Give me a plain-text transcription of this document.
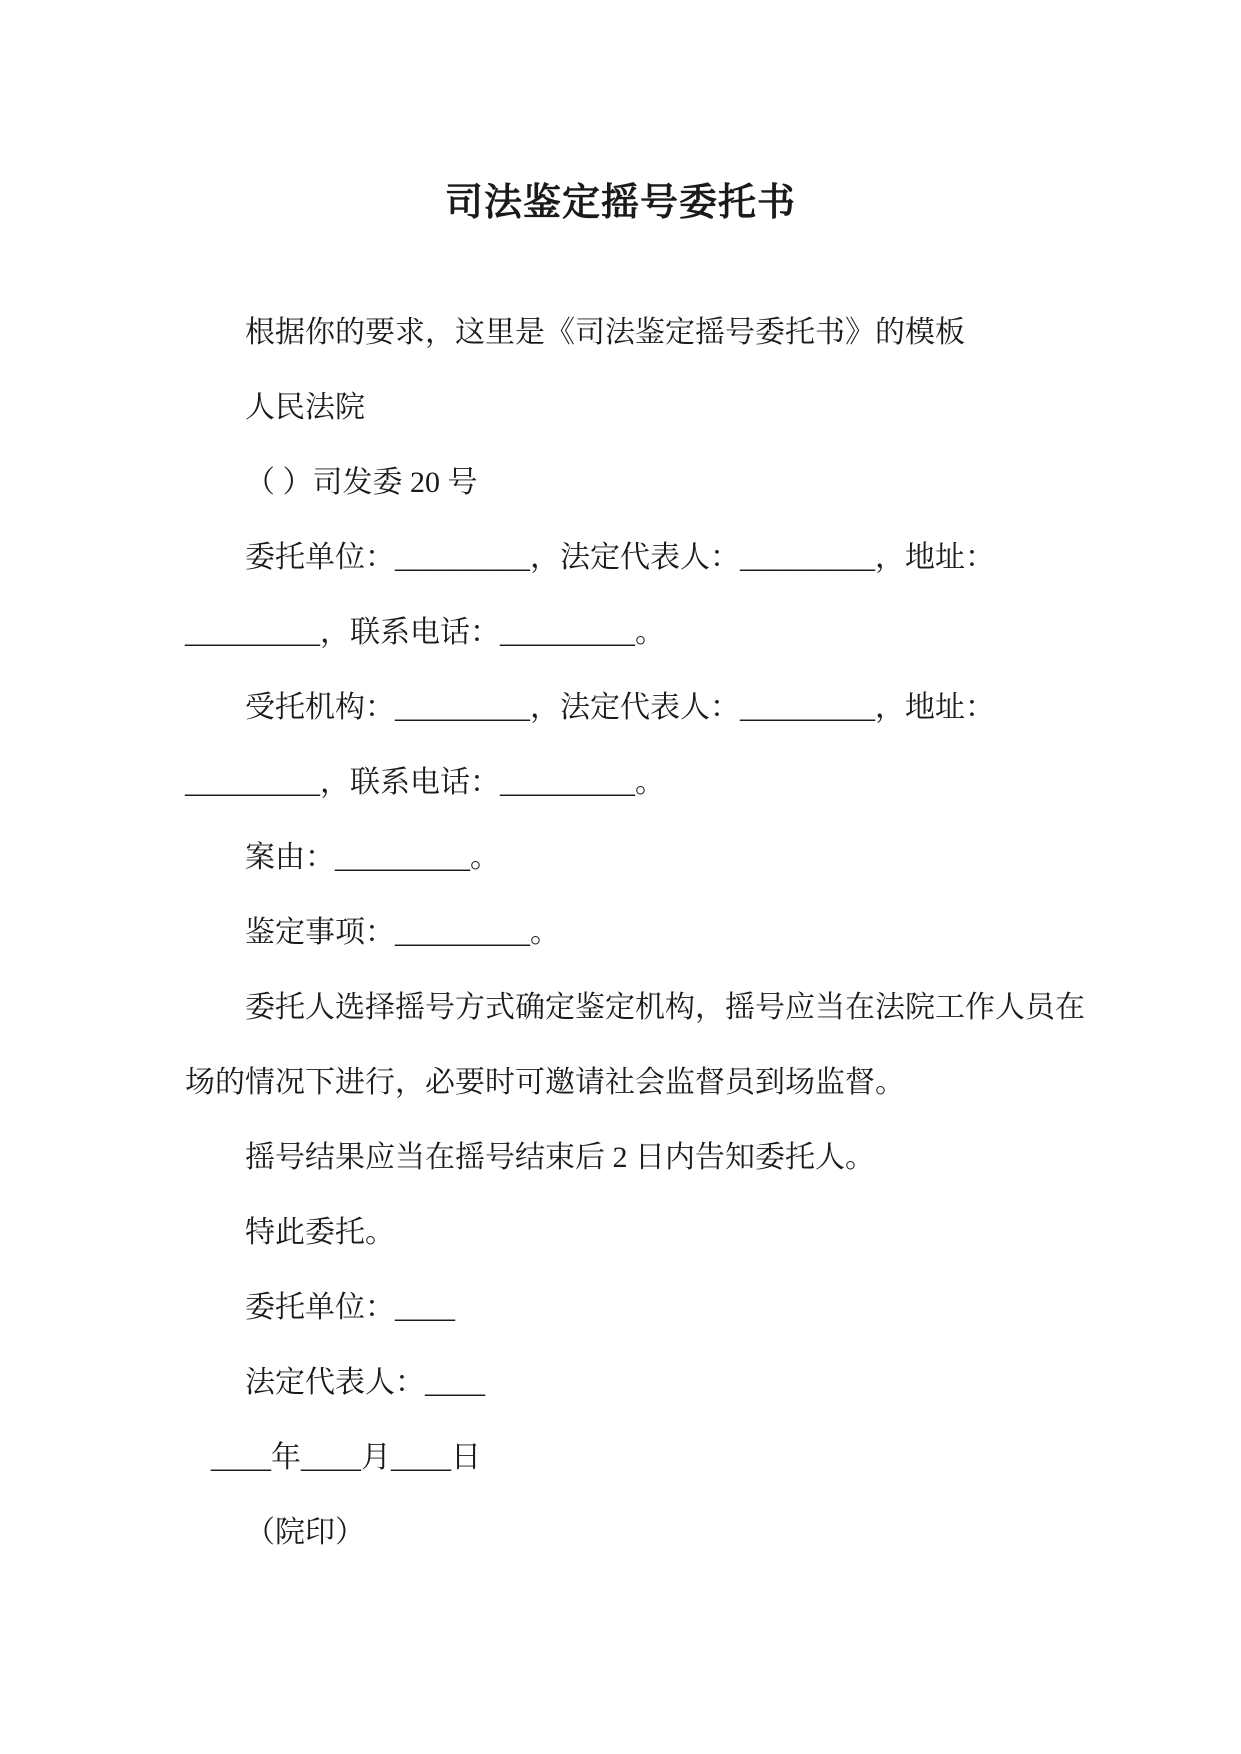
司法鉴定摇号委托书
根据你的要求，这里是《司法鉴定摇号委托书》的模板
人民法院
（ ）司发委 20 号
委托单位：_________，法定代表人：_________，地址：
_________，联系电话：_________。
受托机构：_________，法定代表人：_________，地址：
_________，联系电话：_________。
案由：_________。
鉴定事项：_________。
委托人选择摇号方式确定鉴定机构，摇号应当在法院工作人员在
场的情况下进行，必要时可邀请社会监督员到场监督。
摇号结果应当在摇号结束后 2 日内告知委托人。
特此委托。
委托单位：____
法定代表人：____
____年____月____日
（院印）
